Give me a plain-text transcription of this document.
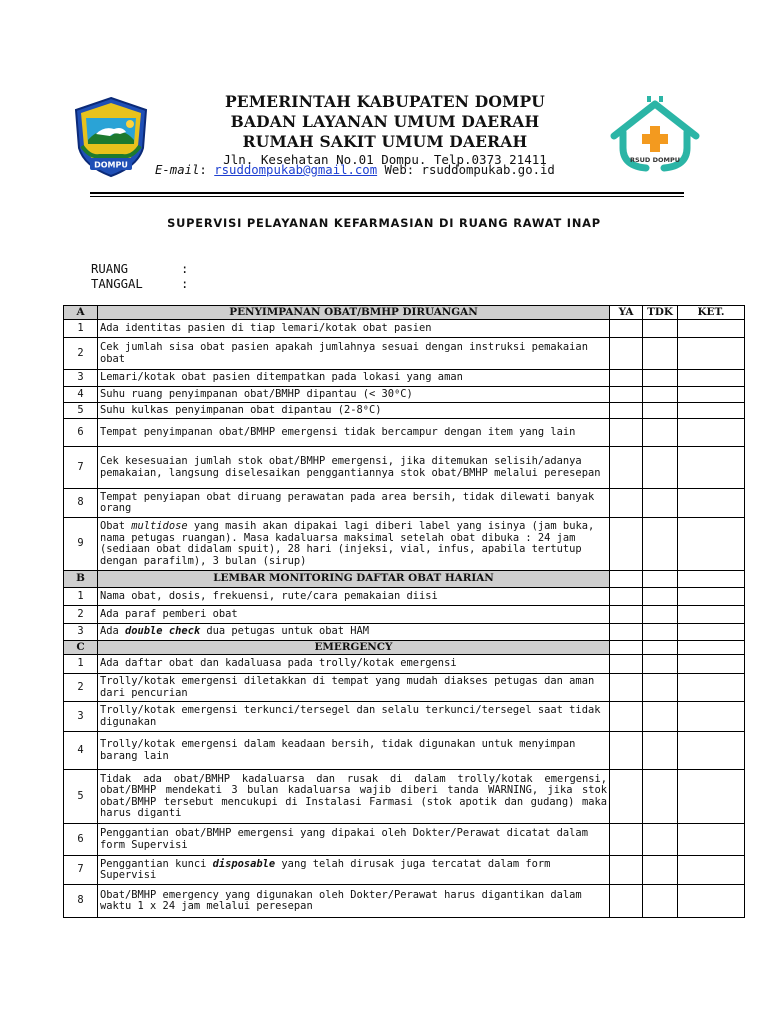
DOMPU
RSUD DOMPU
PEMERINTAH KABUPATEN DOMPU
BADAN LAYANAN UMUM DAERAH
RUMAH SAKIT UMUM DAERAH
Jln. Kesehatan No.01 Dompu. Telp.0373 21411
E-mail: rsuddompukab@gmail.com Web: rsuddompukab.go.id
SUPERVISI PELAYANAN KEFARMASIAN DI RUANG RAWAT INAP
RUANG	:
TANGGAL	:
A	PENYIMPANAN OBAT/BMHP DIRUANGAN	YA	TDK	KET.
1	Ada identitas pasien di tiap lemari/kotak obat pasien			
2	Cek jumlah sisa obat pasien apakah jumlahnya sesuai dengan instruksi pemakaian obat			
3	Lemari/kotak obat pasien ditempatkan pada lokasi yang aman			
4	Suhu ruang penyimpanan obat/BMHP dipantau (< 30⁰C)			
5	Suhu kulkas penyimpanan obat dipantau (2-8⁰C)			
6	Tempat penyimpanan obat/BMHP emergensi tidak bercampur dengan item yang lain			
7	Cek kesesuaian jumlah stok obat/BMHP emergensi, jika ditemukan selisih/adanya pemakaian, langsung diselesaikan penggantiannya stok obat/BMHP melalui peresepan			
8	Tempat penyiapan obat diruang perawatan pada area bersih, tidak dilewati banyak orang			
9	Obat multidose yang masih akan dipakai lagi diberi label yang isinya (jam buka, nama petugas ruangan). Masa kadaluarsa maksimal setelah obat dibuka : 24 jam (sediaan obat didalam spuit), 28 hari (injeksi, vial, infus, apabila tertutup dengan parafilm), 3 bulan (sirup)			
B	LEMBAR MONITORING DAFTAR OBAT HARIAN			
1	Nama obat, dosis, frekuensi, rute/cara pemakaian diisi			
2	Ada paraf pemberi obat			
3	Ada double check dua petugas untuk obat HAM			
C	EMERGENCY			
1	Ada daftar obat dan kadaluasa pada trolly/kotak emergensi			
2	Trolly/kotak emergensi diletakkan di tempat yang mudah diakses petugas dan aman dari pencurian			
3	Trolly/kotak emergensi terkunci/tersegel dan selalu terkunci/tersegel saat tidak digunakan			
4	Trolly/kotak emergensi dalam keadaan bersih, tidak digunakan untuk menyimpan barang lain			
5	Tidak ada obat/BMHP kadaluarsa dan rusak di dalam trolly/kotak emergensi, obat/BMHP mendekati 3 bulan kadaluarsa wajib diberi tanda WARNING, jika stok obat/BMHP tersebut mencukupi di Instalasi Farmasi (stok apotik dan gudang) maka harus diganti			
6	Penggantian obat/BMHP emergensi yang dipakai oleh Dokter/Perawat dicatat dalam form Supervisi			
7	Penggantian kunci disposable yang telah dirusak juga tercatat dalam form Supervisi			
8	Obat/BMHP emergency yang digunakan oleh Dokter/Perawat harus digantikan dalam waktu 1 x 24 jam melalui peresepan			
